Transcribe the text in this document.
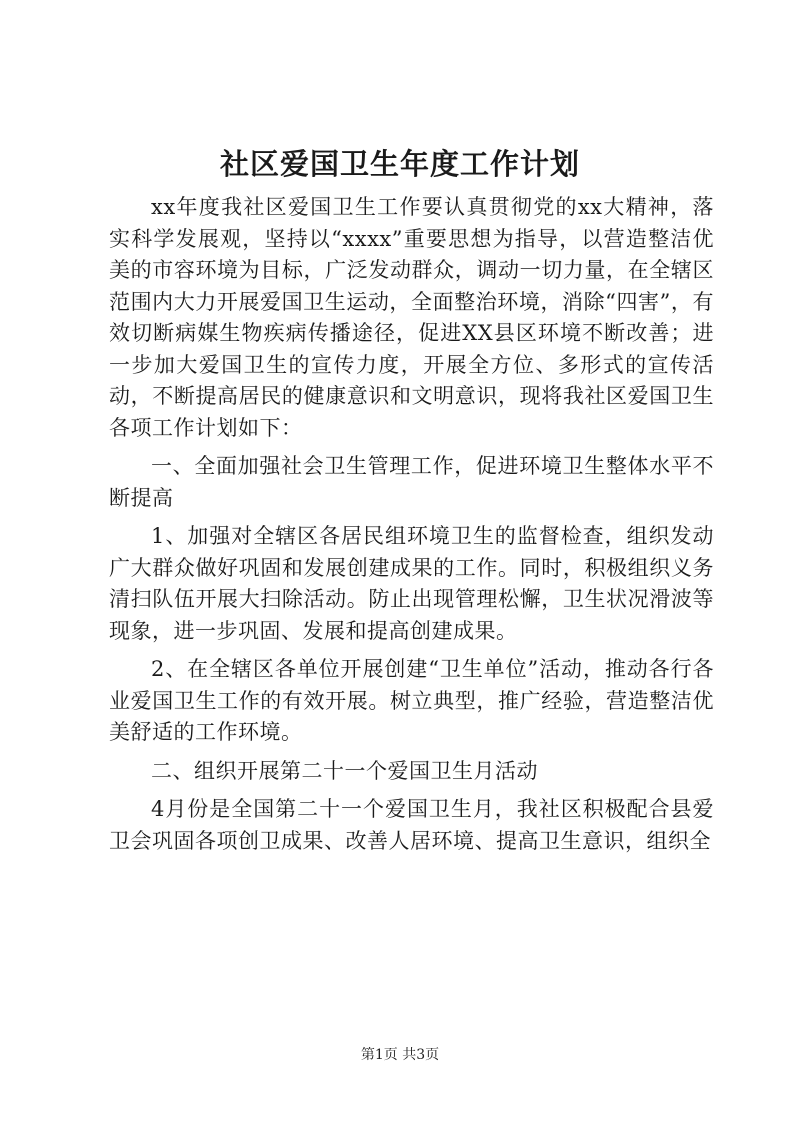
社区爱国卫生年度工作计划

xx年度我社区爱国卫生工作要认真贯彻党的xx大精神，落实科学发展观，坚持以“xxxx”重要思想为指导，以营造整洁优美的市容环境为目标，广泛发动群众，调动一切力量，在全辖区范围内大力开展爱国卫生运动，全面整治环境，消除“四害”，有效切断病媒生物疾病传播途径，促进XX县区环境不断改善；进一步加大爱国卫生的宣传力度，开展全方位、多形式的宣传活动，不断提高居民的健康意识和文明意识，现将我社区爱国卫生各项工作计划如下：

一、全面加强社会卫生管理工作，促进环境卫生整体水平不断提高

1、加强对全辖区各居民组环境卫生的监督检查，组织发动广大群众做好巩固和发展创建成果的工作。同时，积极组织义务清扫队伍开展大扫除活动。防止出现管理松懈，卫生状况滑波等现象，进一步巩固、发展和提高创建成果。

2、在全辖区各单位开展创建“卫生单位”活动，推动各行各业爱国卫生工作的有效开展。树立典型，推广经验，营造整洁优美舒适的工作环境。

二、组织开展第二十一个爱国卫生月活动

4月份是全国第二十一个爱国卫生月，我社区积极配合县爱卫会巩固各项创卫成果、改善人居环境、提高卫生意识，组织全

第1页 共3页
